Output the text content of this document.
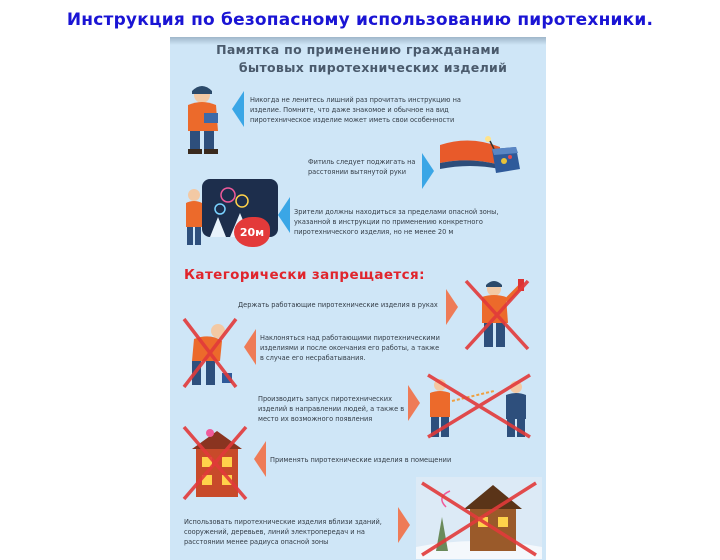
Инструкция по безопасному использованию пиротехники.
Памятка по применению гражданами
бытовых пиротехнических изделий
Никогда не ленитесь лишний раз прочитать инструкцию на изделие. Помните, что даже знакомое и обычное на вид пиротехническое изделие может иметь свои особенности
Фитиль следует поджигать на расстоянии вытянутой руки
20м
Зрители должны находиться за пределами опасной зоны, указанной в инструкции по применению конкретного пиротехнического изделия, но не менее 20 м
Категорически запрещается:
Держать работающие пиротехнические изделия в руках
Наклоняться над работающими пиротехническими изделиями и после окончания его работы, а также в случае его несрабатывания.
Производить запуск пиротехнических изделий в направлении людей, а также в место их возможного появления
Применять пиротехнические изделия в помещении
Использовать пиротехнические изделия вблизи зданий, сооружений, деревьев, линий электропередач и на расстоянии менее радиуса опасной зоны
